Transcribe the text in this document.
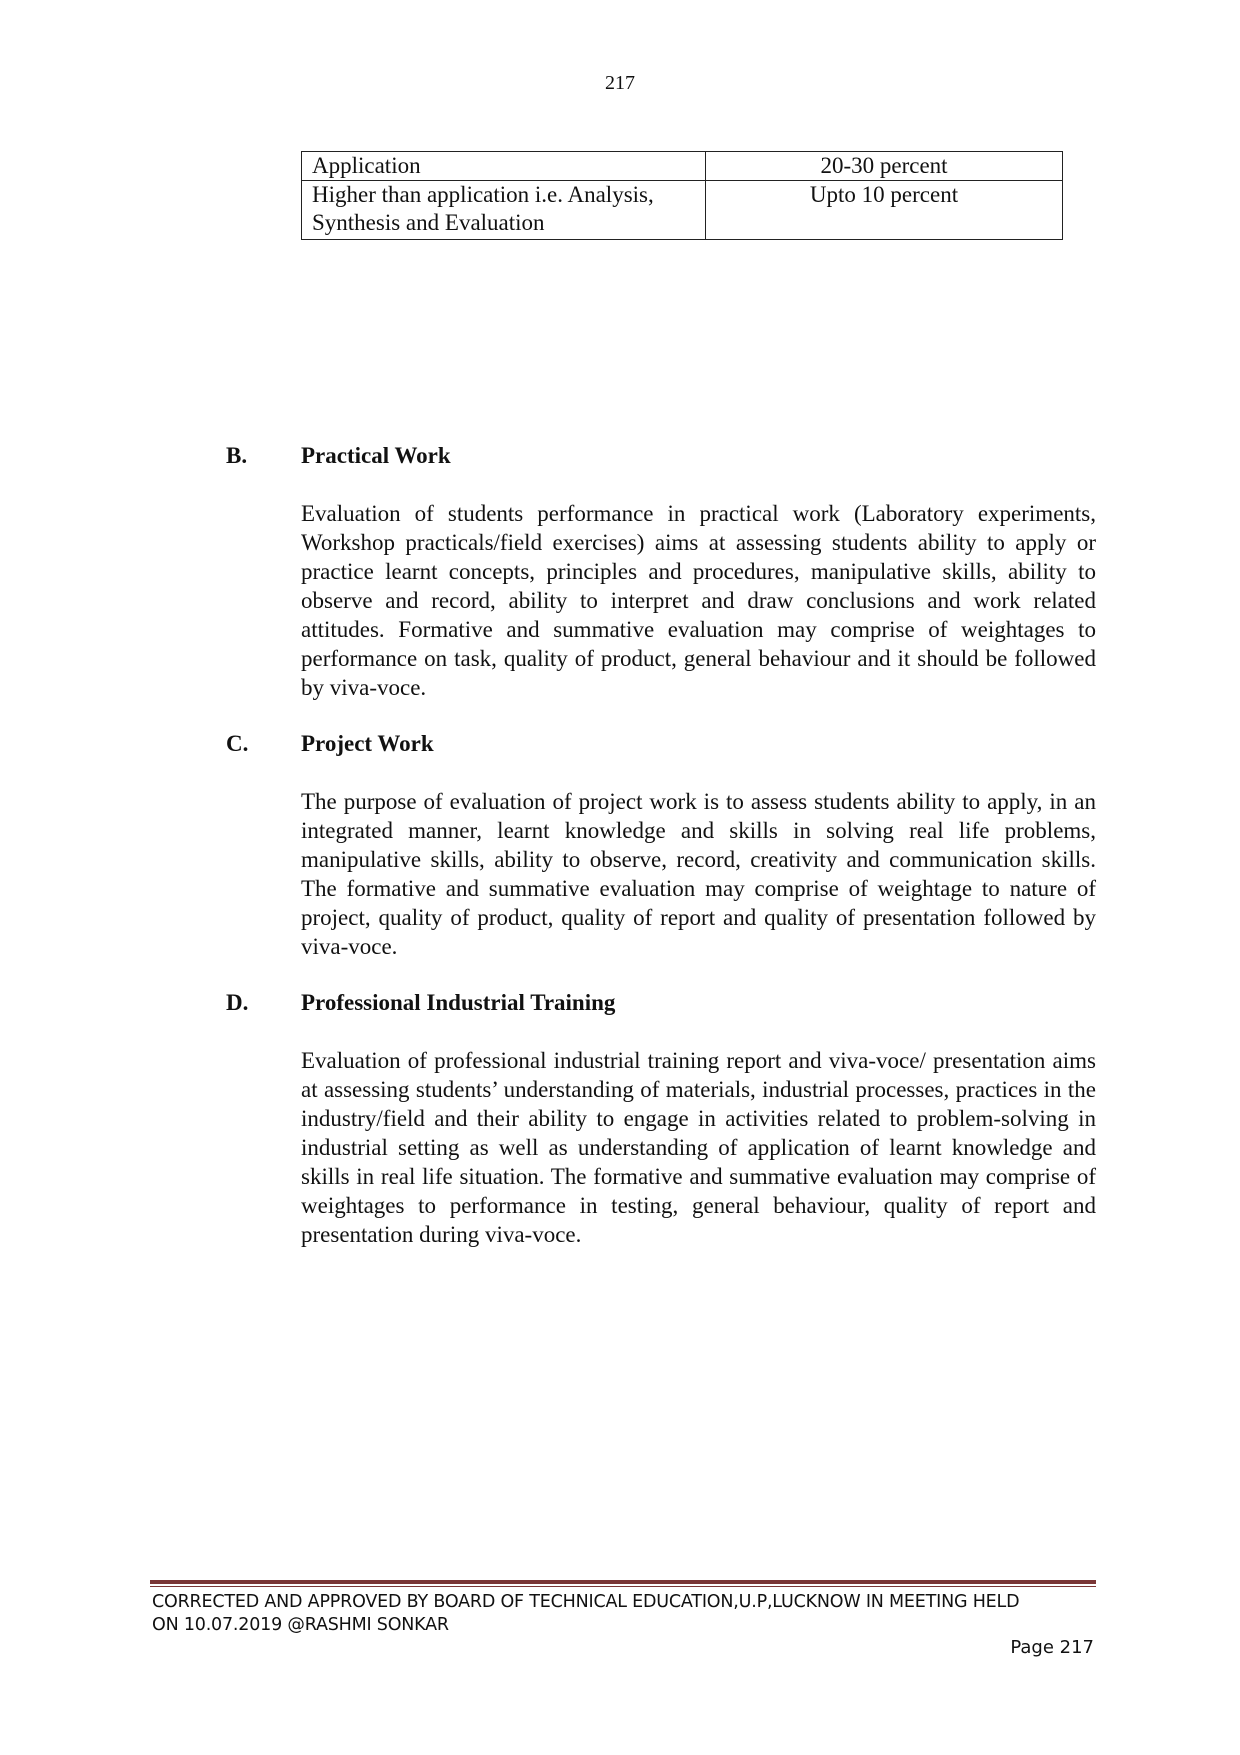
217
Application	20-30 percent
Higher than application i.e. Analysis, Synthesis and Evaluation	Upto 10 percent
B. Practical Work
Evaluation of students performance in practical work (Laboratory experiments, Workshop practicals/field exercises) aims at assessing students ability to apply or practice learnt concepts, principles and procedures, manipulative skills, ability to observe and record, ability to interpret and draw conclusions and work related attitudes. Formative and summative evaluation may comprise of weightages to performance on task, quality of product, general behaviour and it should be followed by viva-voce.
C. Project Work
The purpose of evaluation of project work is to assess students ability to apply, in an integrated manner, learnt knowledge and skills in solving real life problems, manipulative skills, ability to observe, record, creativity and communication skills. The formative and summative evaluation may comprise of weightage to nature of project, quality of product, quality of report and quality of presentation followed by viva-voce.
D. Professional Industrial Training
Evaluation of professional industrial training report and viva-voce/ presentation aims at assessing students’ understanding of materials, industrial processes, practices in the industry/field and their ability to engage in activities related to problem-solving in industrial setting as well as understanding of application of learnt knowledge and skills in real life situation. The formative and summative evaluation may comprise of weightages to performance in testing, general behaviour, quality of report and presentation during viva-voce.
CORRECTED AND APPROVED BY BOARD OF TECHNICAL EDUCATION,U.P,LUCKNOW IN MEETING HELD
ON 10.07.2019 @RASHMI SONKAR
Page 217
